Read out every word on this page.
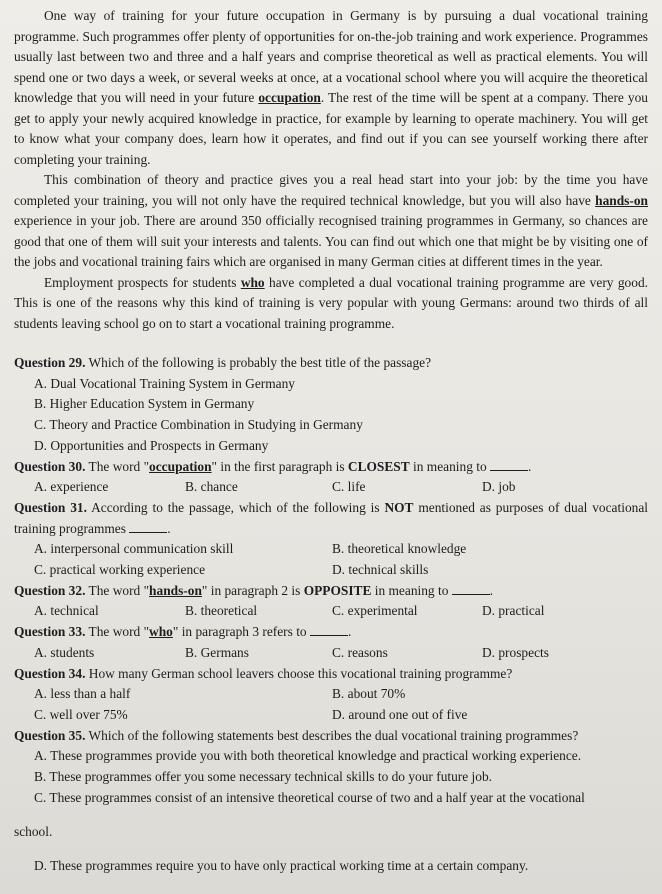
One way of training for your future occupation in Germany is by pursuing a dual vocational training programme. Such programmes offer plenty of opportunities for on-the-job training and work experience. Programmes usually last between two and three and a half years and comprise theoretical as well as practical elements. You will spend one or two days a week, or several weeks at once, at a vocational school where you will acquire the theoretical knowledge that you will need in your future occupation. The rest of the time will be spent at a company. There you get to apply your newly acquired knowledge in practice, for example by learning to operate machinery. You will get to know what your company does, learn how it operates, and find out if you can see yourself working there after completing your training.

This combination of theory and practice gives you a real head start into your job: by the time you have completed your training, you will not only have the required technical knowledge, but you will also have hands-on experience in your job. There are around 350 officially recognised training programmes in Germany, so chances are good that one of them will suit your interests and talents. You can find out which one that might be by visiting one of the jobs and vocational training fairs which are organised in many German cities at different times in the year.

Employment prospects for students who have completed a dual vocational training programme are very good. This is one of the reasons why this kind of training is very popular with young Germans: around two thirds of all students leaving school go on to start a vocational training programme.

Question 29. Which of the following is probably the best title of the passage?

A. Dual Vocational Training System in Germany

B. Higher Education System in Germany

C. Theory and Practice Combination in Studying in Germany

D. Opportunities and Prospects in Germany

Question 30. The word "occupation" in the first paragraph is CLOSEST in meaning to	.

A. experience	B. chance	C. life	D. job

Question 31. According to the passage, which of the following is NOT mentioned as purposes of dual vocational training programmes	.

A. interpersonal communication skill	B. theoretical knowledge
C. practical working experience	D. technical skills

Question 32. The word "hands-on" in paragraph 2 is OPPOSITE in meaning to	.

A. technical	B. theoretical	C. experimental	D. practical

Question 33. The word "who" in paragraph 3 refers to	.

A. students	B. Germans	C. reasons	D. prospects

Question 34. How many German school leavers choose this vocational training programme?

A. less than a half	B. about 70%
C. well over 75%	D. around one out of five

Question 35. Which of the following statements best describes the dual vocational training programmes?

A. These programmes provide you with both theoretical knowledge and practical working experience.

B. These programmes offer you some necessary technical skills to do your future job.

C. These programmes consist of an intensive theoretical course of two and a half year at the vocational

school.

D. These programmes require you to have only practical working time at a certain company.
